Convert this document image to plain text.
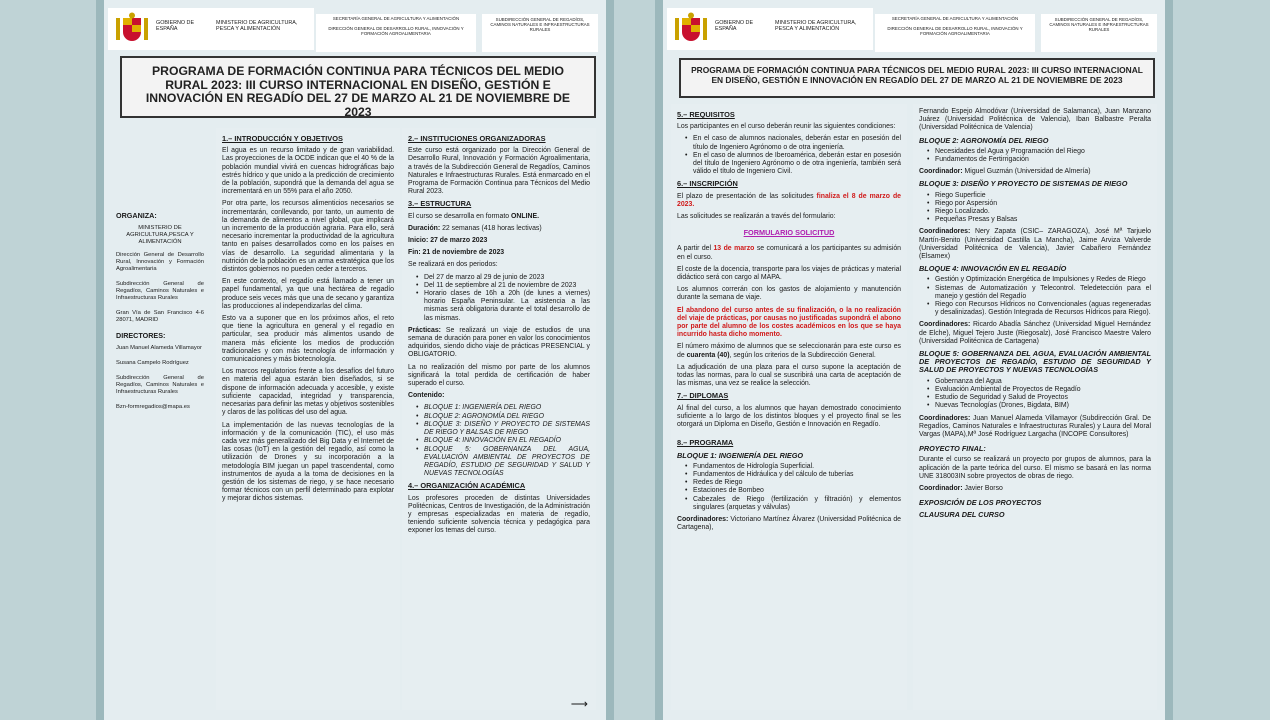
GOBIERNO DE ESPAÑA
MINISTERIO DE AGRICULTURA, PESCA Y ALIMENTACIÓN
SECRETARÍA GENERAL DE AGRICULTURA Y ALIMENTACIÓN
DIRECCIÓN GENERAL DE DESARROLLO RURAL, INNOVACIÓN Y FORMACIÓN AGROALIMENTARIA
SUBDIRECCIÓN GENERAL DE REGADÍOS, CAMINOS NATURALES E INFRAESTRUCTURAS RURALES
PROGRAMA DE FORMACIÓN CONTINUA PARA TÉCNICOS DEL MEDIO RURAL 2023: III CURSO INTERNACIONAL EN DISEÑO, GESTIÓN E INNOVACIÓN EN REGADÍO DEL 27 DE MARZO AL 21 DE NOVIEMBRE DE 2023
ORGANIZA:
MINISTERIO DE AGRICULTURA,PESCA Y ALIMENTACIÓN

Dirección General de Desarrollo Rural, Innovación y Formación Agroalimentaria

Subdirección General de Regadíos, Caminos Naturales e Infraestructuras Rurales

Gran Vía de San Francisco 4-6 28071, MADRID

DIRECTORES:

Juan Manuel Alameda Villamayor

Susana Campelo Rodríguez

Subdirección General de Regadíos, Caminos Naturales e Infraestructuras Rurales

Bzn-formregadios@mapa.es

1.– INTRODUCCIÓN Y OBJETIVOS

El agua es un recurso limitado y de gran variabilidad. Las proyecciones de la OCDE indican que el 40 % de la población mundial vivirá en cuencas hidrográficas bajo estrés hídrico y que unido a la predicción de crecimiento de la población, supondrá que la demanda del agua se incrementará en un 55% para el año 2050.

Por otra parte, los recursos alimenticios necesarios se incrementarán, conllevando, por tanto, un aumento de la demanda de alimentos a nivel global, que implicará un incremento de la producción agraria. Para ello, será necesario incrementar la productividad de la agricultura tanto en países desarrollados como en los países en vías de desarrollo. La seguridad alimentaria y la nutrición de la población es un arma estratégica que los distintos gobiernos no pueden ceder a terceros.

En este contexto, el regadío está llamado a tener un papel fundamental, ya que una hectárea de regadío produce seis veces más que una de secano y garantiza las producciones al independizarlas del clima.

Esto va a suponer que en los próximos años, el reto que tiene la agricultura en general y el regadío en particular, sea producir más alimentos usando de manera más eficiente los medios de producción tradicionales y con más tecnología de información y comunicaciones y más biotecnología.

Los marcos regulatorios frente a los desafíos del futuro en materia del agua estarán bien diseñados, si se dispone de información adecuada y accesible, y existe suficiente capacidad, integridad y transparencia, necesarias para definir las metas y objetivos sostenibles y claros de las políticas del uso del agua.

La implementación de las nuevas tecnologías de la información y de la comunicación (TIC), el uso más cada vez más generalizado del Big Data y el Internet de las cosas (IoT) en la gestión del regadío, así como la utilización de Drones y su incorporación a la metodología BIM juegan un papel trascendental, como instrumentos de ayuda a la toma de decisiones en la gestión de los sistemas de riego, y se hace necesario formar técnicos con un perfil determinado para explotar y mejorar dichos sistemas.

2.– INSTITUCIONES ORGANIZADORAS

Este curso está organizado por la Dirección General de Desarrollo Rural, Innovación y Formación Agroalimentaria, a través de la Subdirección General de Regadíos, Caminos Naturales e Infraestructuras Rurales. Está enmarcado en el Programa de Formación Continua para Técnicos del Medio Rural 2023.

3.– ESTRUCTURA

El curso se desarrolla en formato ONLINE.

Duración: 22 semanas (418 horas lectivas)

Inicio: 27 de marzo 2023

Fin: 21 de noviembre de 2023

Se realizará en dos periodos:

• Del 27 de marzo al 29 de junio de 2023
• Del 11 de septiembre al 21 de noviembre de 2023
• Horario clases de 16h a 20h (de lunes a viernes) horario España Peninsular. La asistencia a las mismas será obligatoria durante el total desarrollo de las mismas.

Prácticas: Se realizará un viaje de estudios de una semana de duración para poner en valor los conocimientos adquiridos, siendo dicho viaje de prácticas PRESENCIAL y OBLIGATORIO.

La no realización del mismo por parte de los alumnos significará la total perdida de certificación de haber superado el curso.

Contenido:

• BLOQUE 1: INGENIERÍA DEL RIEGO
• BLOQUE 2: AGRONOMÍA DEL RIEGO
• BLOQUE 3: DISEÑO Y PROYECTO DE SISTEMAS DE RIEGO Y BALSAS DE RIEGO
• BLOQUE 4: INNOVACIÓN EN EL REGADÍO
• BLOQUE 5: GOBERNANZA DEL AGUA, EVALUACIÓN AMBIENTAL DE PROYECTOS DE REGADÍO, ESTUDIO DE SEGURIDAD Y SALUD Y NUEVAS TECNOLOGÍAS
4.– ORGANIZACIÓN ACADÉMICA

Los profesores proceden de distintas Universidades Politécnicas, Centros de Investigación, de la Administración y empresas especializadas en materia de regadío, teniendo suficiente solvencia técnica y pedagógica para exponer los temas del curso.

⟶
GOBIERNO DE ESPAÑA
MINISTERIO DE AGRICULTURA, PESCA Y ALIMENTACIÓN
SECRETARÍA GENERAL DE AGRICULTURA Y ALIMENTACIÓN
DIRECCIÓN GENERAL DE DESARROLLO RURAL, INNOVACIÓN Y FORMACIÓN AGROALIMENTARIA
SUBDIRECCIÓN GENERAL DE REGADÍOS, CAMINOS NATURALES E INFRAESTRUCTURAS RURALES
PROGRAMA DE FORMACIÓN CONTINUA PARA TÉCNICOS DEL MEDIO RURAL 2023: III CURSO INTERNACIONAL EN DISEÑO, GESTIÓN E INNOVACIÓN EN REGADÍO DEL 27 DE MARZO AL 21 DE NOVIEMBRE DE 2023
5.– REQUISITOS

Los participantes en el curso deberán reunir las siguientes condiciones:

• En el caso de alumnos nacionales, deberán estar en posesión del título de Ingeniero Agrónomo o de otra ingeniería.
• En el caso de alumnos de Iberoamérica, deberán estar en posesión del título de Ingeniero Agrónomo o de otra ingeniería, también será válido el título de Ingeniero Civil.
6.– INSCRIPCIÓN

El plazo de presentación de las solicitudes finaliza el 8 de marzo de 2023.

Las solicitudes se realizarán a través del formulario:

FORMULARIO SOLICITUD

A partir del 13 de marzo se comunicará a los participantes su admisión en el curso.

El coste de la docencia, transporte para los viajes de prácticas y material didáctico será con cargo al MAPA.

Los alumnos correrán con los gastos de alojamiento y manutención durante la semana de viaje.

El abandono del curso antes de su finalización, o la no realización del viaje de prácticas, por causas no justificadas supondrá el abono por parte del alumno de los costes académicos en los que se haya incurrido hasta dicho momento.

El número máximo de alumnos que se seleccionarán para este curso es de cuarenta (40), según los criterios de la Subdirección General.

La adjudicación de una plaza para el curso supone la aceptación de todas las normas, para lo cual se suscribirá una carta de aceptación de las mismas, una vez se realice la selección.

7.– DIPLOMAS

Al final del curso, a los alumnos que hayan demostrado conocimiento suficiente a lo largo de los distintos bloques y el proyecto final se les otorgará un Diploma en Diseño, Gestión e Innovación en Regadío.

8.– PROGRAMA
BLOQUE 1: INGENIERÍA DEL RIEGO
• Fundamentos de Hidrología Superficial.
• Fundamentos de Hidráulica y del cálculo de tuberías
• Redes de Riego
• Estaciones de Bombeo
• Cabezales de Riego (fertilización y filtración) y elementos singulares (arquetas y válvulas)

Coordinadores: Victoriano Martínez Álvarez (Universidad Politécnica de Cartagena),

Fernando Espejo Almodóvar (Universidad de Salamanca), Juan Manzano Juárez (Universidad Politécnica de Valencia), Iban Balbastre Peralta (Universidad Politécnica de Valencia)

BLOQUE 2: AGRONOMÍA DEL RIEGO
• Necesidades del Agua y Programación del Riego
• Fundamentos de Fertirrigación

Coordinador: Miguel Guzmán (Universidad de Almería)

BLOQUE 3: DISEÑO Y PROYECTO DE SISTEMAS DE RIEGO
• Riego Superficie
• Riego por Aspersión
• Riego Localizado.
• Pequeñas Presas y Balsas

Coordinadores: Nery Zapata (CSIC– ZARAGOZA), José Mª Tarjuelo Martín-Benito (Universidad Castilla La Mancha), Jaime Arviza Valverde (Universidad Politécnica de Valencia), Javier Cabañero Fernández (Elsamex)

BLOQUE 4: INNOVACIÓN EN EL REGADÍO
• Gestión y Optimización Energética de Impulsiones y Redes de Riego
• Sistemas de Automatización y Telecontrol. Teledetección para el manejo y gestión del Regadío
• Riego con Recursos Hídricos no Convencionales (aguas regeneradas y desalinizadas). Gestión Integrada de Recursos Hídricos para Riego).

Coordinadores: Ricardo Abadía Sánchez (Universidad Miguel Hernández de Elche), Miguel Tejero Juste (Riegosalz), José Francisco Maestre Valero (Universidad Politécnica de Cartagena)

BLOQUE 5: GOBERNANZA DEL AGUA, EVALUACIÓN AMBIENTAL DE PROYECTOS DE REGADÍO, ESTUDIO DE SEGURIDAD Y SALUD DE PROYECTOS Y NUEVAS TECNOLOGÍAS
• Gobernanza del Agua
• Evaluación Ambiental de Proyectos de Regadío
• Estudio de Seguridad y Salud de Proyectos
• Nuevas Tecnologías (Drones, Bigdata, BIM)

Coordinadores: Juan Manuel Alameda Villamayor (Subdirección Gral. De Regadíos, Caminos Naturales e Infraestructuras Rurales) y Laura del Moral Vargas (MAPA),Mª José Rodríguez Largacha (INCOPE Consultores)

PROYECTO FINAL:

Durante el curso se realizará un proyecto por grupos de alumnos, para la aplicación de la parte teórica del curso. El mismo se basará en las norma UNE 318003IN sobre proyectos de obras de riego.

Coordinador: Javier Borso

EXPOSICIÓN DE LOS PROYECTOS
CLAUSURA DEL CURSO
